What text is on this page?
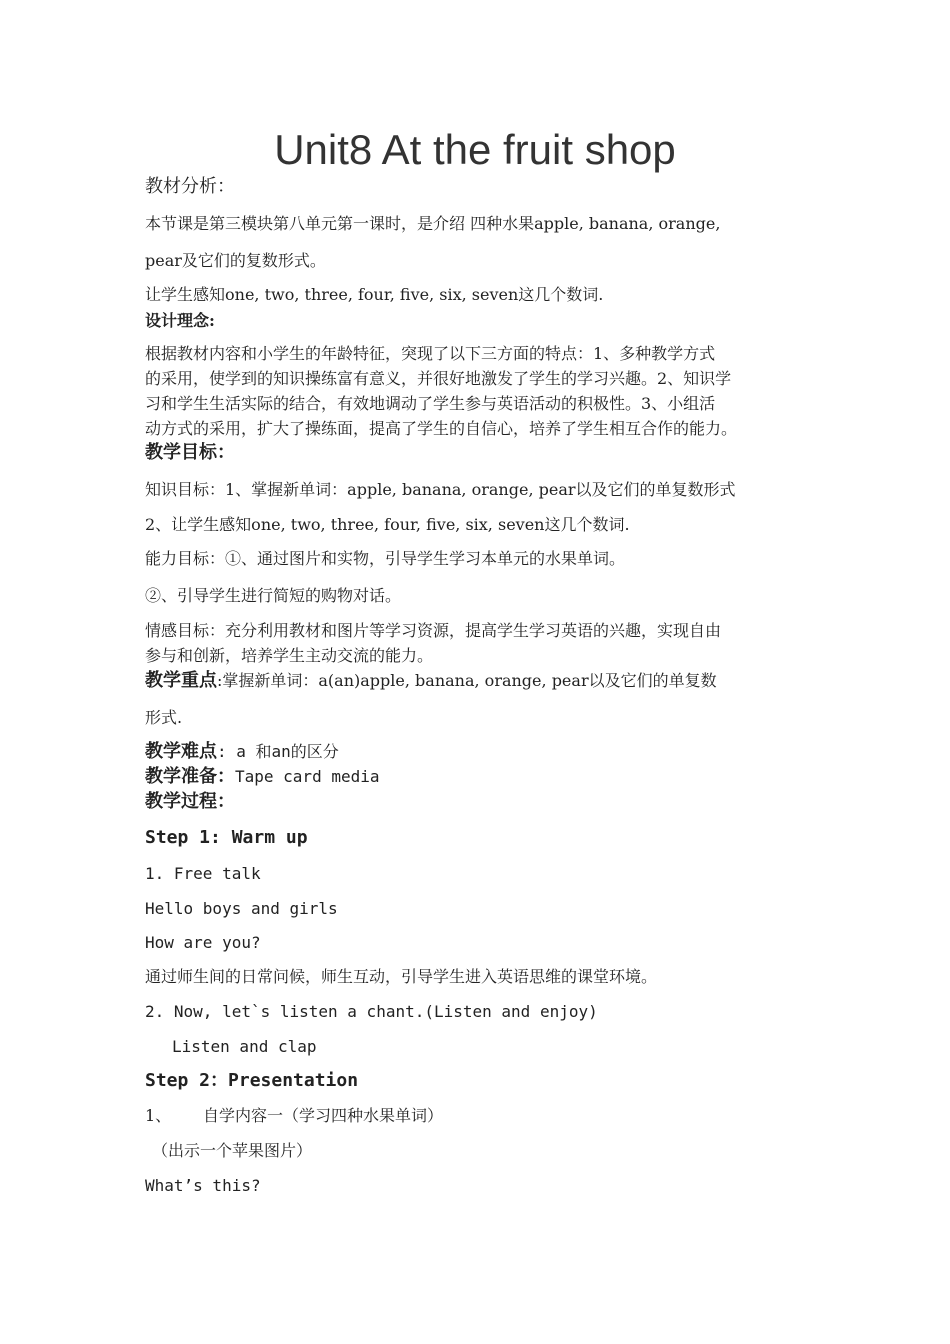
Unit8 At the fruit shop
教材分析：
本节课是第三模块第八单元第一课时，是介绍 四种水果apple, banana, orange,
pear及它们的复数形式。
让学生感知one, two, three, four, five, six, seven这几个数词.
设计理念:
根据教材内容和小学生的年龄特征，突现了以下三方面的特点：1、多种教学方式
的采用，使学到的知识操练富有意义，并很好地激发了学生的学习兴趣。2、知识学
习和学生生活实际的结合，有效地调动了学生参与英语活动的积极性。3、小组活
动方式的采用，扩大了操练面，提高了学生的自信心，培养了学生相互合作的能力。
教学目标：
知识目标：1、掌握新单词：apple, banana, orange, pear以及它们的单复数形式
2、让学生感知one, two, three, four, five, six, seven这几个数词.
能力目标：①、通过图片和实物，引导学生学习本单元的水果单词。
②、引导学生进行简短的购物对话。
情感目标：充分利用教材和图片等学习资源，提高学生学习英语的兴趣，实现自由
参与和创新，培养学生主动交流的能力。
教学重点:掌握新单词：a(an)apple, banana, orange, pear以及它们的单复数
形式.
教学难点: a 和an的区分
教学准备：Tape card media
教学过程：
Step 1: Warm up
1. Free talk
Hello boys and girls
How are you?
通过师生间的日常问候，师生互动，引导学生进入英语思维的课堂环境。
2. Now, let`s listen a chant.(Listen and enjoy)
Listen and clap
Step 2：Presentation
1、 自学内容一（学习四种水果单词）
（出示一个苹果图片）
What’s this?
